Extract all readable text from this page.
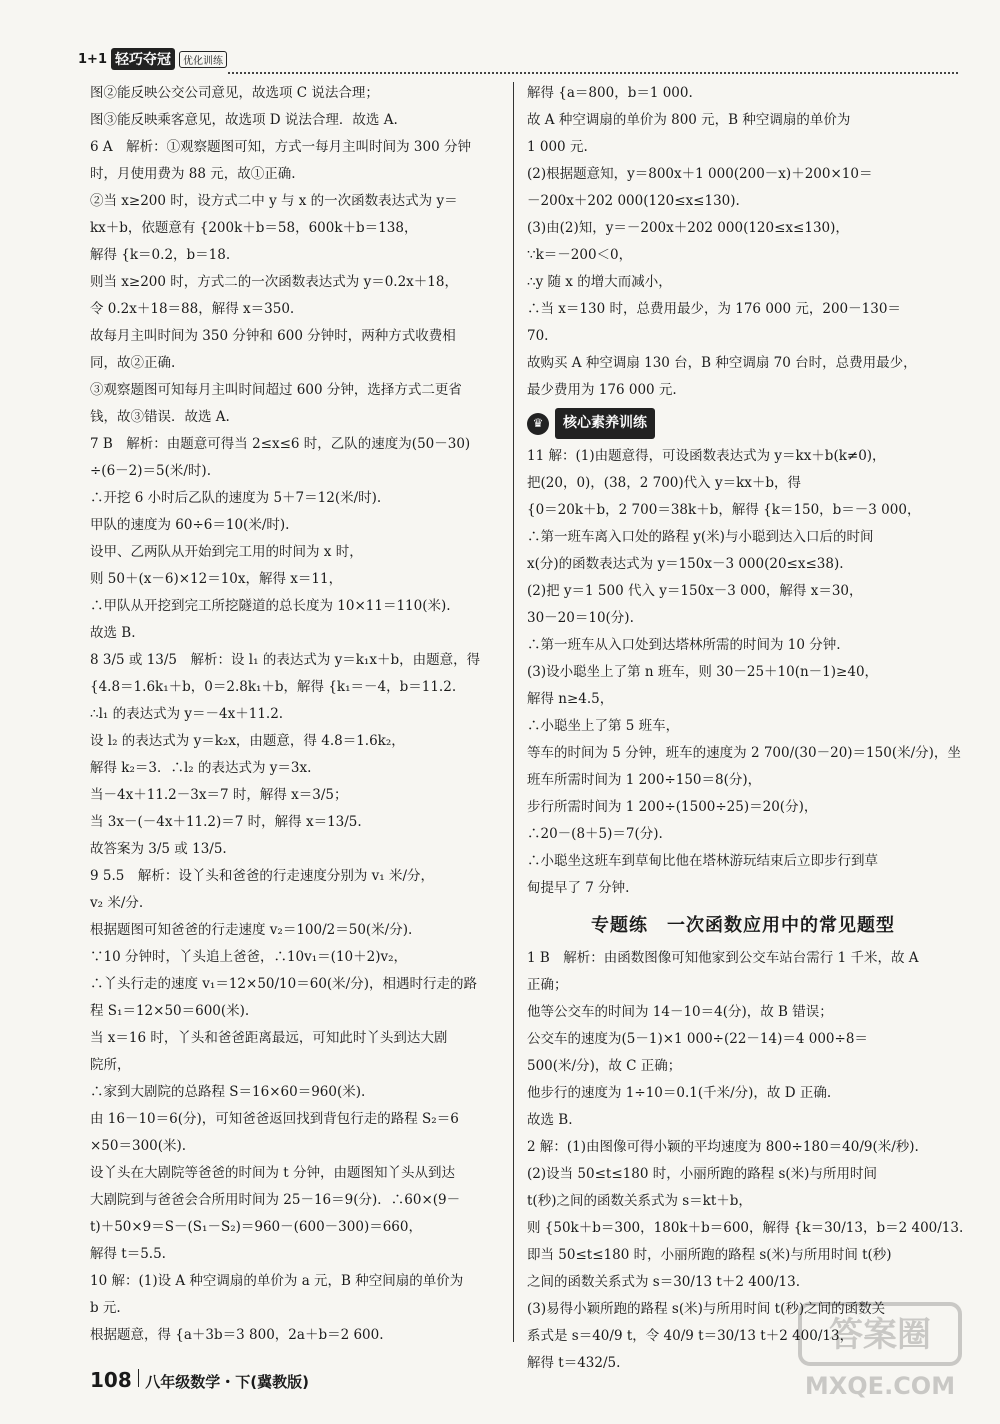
1+1 轻巧夺冠	优化训练
图②能反映公交公司意见，故选项 C 说法合理；
图③能反映乘客意见，故选项 D 说法合理．故选 A.
6 A　解析：①观察题图可知，方式一每月主叫时间为 300 分钟
时，月使用费为 88 元，故①正确.
②当 x≥200 时，设方式二中 y 与 x 的一次函数表达式为 y＝
kx＋b，依题意有 {200k＋b＝58，600k＋b＝138，
解得 {k＝0.2，b＝18.
则当 x≥200 时，方式二的一次函数表达式为 y＝0.2x＋18，
令 0.2x＋18＝88，解得 x＝350.
故每月主叫时间为 350 分钟和 600 分钟时，两种方式收费相
同，故②正确.
③观察题图可知每月主叫时间超过 600 分钟，选择方式二更省
钱，故③错误．故选 A.
7 B　解析：由题意可得当 2≤x≤6 时，乙队的速度为(50－30)
÷(6－2)＝5(米/时).
∴开挖 6 小时后乙队的速度为 5＋7＝12(米/时).
甲队的速度为 60÷6＝10(米/时).
设甲、乙两队从开始到完工用的时间为 x 时，
则 50＋(x－6)×12＝10x，解得 x＝11，
∴甲队从开挖到完工所挖隧道的总长度为 10×11＝110(米).
故选 B.
8 3/5 或 13/5　解析：设 l₁ 的表达式为 y＝k₁x＋b，由题意，得
{4.8＝1.6k₁＋b，0＝2.8k₁＋b，解得 {k₁＝－4，b＝11.2.
∴l₁ 的表达式为 y＝－4x＋11.2.
设 l₂ 的表达式为 y＝k₂x，由题意，得 4.8＝1.6k₂，
解得 k₂＝3．∴l₂ 的表达式为 y＝3x.
当－4x＋11.2－3x＝7 时，解得 x＝3/5；
当 3x－(－4x＋11.2)＝7 时，解得 x＝13/5.
故答案为 3/5 或 13/5.
9 5.5　解析：设丫头和爸爸的行走速度分别为 v₁ 米/分，
v₂ 米/分.
根据题图可知爸爸的行走速度 v₂＝100/2＝50(米/分).
∵10 分钟时，丫头追上爸爸，∴10v₁＝(10＋2)v₂，
∴丫头行走的速度 v₁＝12×50/10＝60(米/分)，相遇时行走的路
程 S₁＝12×50＝600(米).
当 x＝16 时，丫头和爸爸距离最远，可知此时丫头到达大剧
院所，
∴家到大剧院的总路程 S＝16×60＝960(米).
由 16－10＝6(分)，可知爸爸返回找到背包行走的路程 S₂＝6
×50＝300(米).
设丫头在大剧院等爸爸的时间为 t 分钟，由题图知丫头从到达
大剧院到与爸爸会合所用时间为 25－16＝9(分)．∴60×(9－
t)＋50×9＝S－(S₁－S₂)＝960－(600－300)＝660，
解得 t＝5.5.
10 解：(1)设 A 种空调扇的单价为 a 元，B 种空间扇的单价为
b 元.
根据题意，得 {a＋3b＝3 800，2a＋b＝2 600.
解得 {a＝800，b＝1 000.
故 A 种空调扇的单价为 800 元，B 种空调扇的单价为
1 000 元.
(2)根据题意知，y＝800x＋1 000(200－x)＋200×10＝
－200x＋202 000(120≤x≤130).
(3)由(2)知，y＝－200x＋202 000(120≤x≤130)，
∵k＝－200＜0，
∴y 随 x 的增大而减小，
∴当 x＝130 时，总费用最少，为 176 000 元，200－130＝
70.
故购买 A 种空调扇 130 台，B 种空调扇 70 台时，总费用最少，
最少费用为 176 000 元.
♛	核心素养训练
11 解：(1)由题意得，可设函数表达式为 y＝kx＋b(k≠0)，
把(20，0)，(38，2 700)代入 y＝kx＋b，得
{0＝20k＋b，2 700＝38k＋b，解得 {k＝150，b＝－3 000，
∴第一班车离入口处的路程 y(米)与小聪到达入口后的时间
x(分)的函数表达式为 y＝150x－3 000(20≤x≤38).
(2)把 y＝1 500 代入 y＝150x－3 000，解得 x＝30，
30－20＝10(分).
∴第一班车从入口处到达塔林所需的时间为 10 分钟.
(3)设小聪坐上了第 n 班车，则 30－25＋10(n－1)≥40，
解得 n≥4.5，
∴小聪坐上了第 5 班车，
等车的时间为 5 分钟，班车的速度为 2 700/(30－20)＝150(米/分)，坐
班车所需时间为 1 200÷150＝8(分)，
步行所需时间为 1 200÷(1500÷25)＝20(分)，
∴20－(8＋5)＝7(分).
∴小聪坐这班车到草甸比他在塔林游玩结束后立即步行到草
甸提早了 7 分钟.
专题练　一次函数应用中的常见题型
1 B　解析：由函数图像可知他家到公交车站台需行 1 千米，故 A
正确；
他等公交车的时间为 14－10＝4(分)，故 B 错误；
公交车的速度为(5－1)×1 000÷(22－14)＝4 000÷8＝
500(米/分)，故 C 正确；
他步行的速度为 1÷10＝0.1(千米/分)，故 D 正确.
故选 B.
2 解：(1)由图像可得小颖的平均速度为 800÷180＝40/9(米/秒).
(2)设当 50≤t≤180 时，小丽所跑的路程 s(米)与所用时间
t(秒)之间的函数关系式为 s＝kt＋b，
则 {50k＋b＝300，180k＋b＝600，解得 {k＝30/13，b＝2 400/13.
即当 50≤t≤180 时，小丽所跑的路程 s(米)与所用时间 t(秒)
之间的函数关系式为 s＝30/13 t＋2 400/13.
(3)易得小颖所跑的路程 s(米)与所用时间 t(秒)之间的函数关
系式是 s＝40/9 t，令 40/9 t＝30/13 t＋2 400/13，
解得 t＝432/5.
108 八年级数学・下(冀教版)
答案圈
MXQE.COM
